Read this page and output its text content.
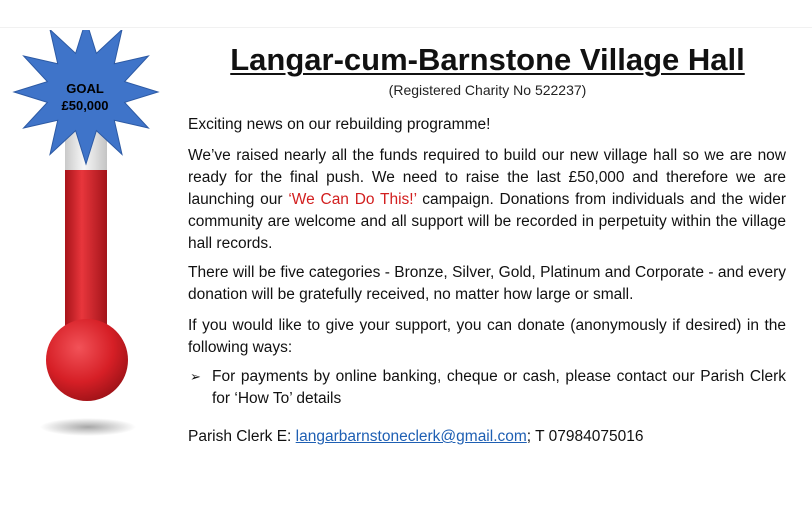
GOAL
£50,000
Langar-cum-Barnstone Village Hall
(Registered Charity No 522237)

Exciting news on our rebuilding programme!

We’ve raised nearly all the funds required to build our new village hall so we are now ready for the final push. We need to raise the last £50,000 and therefore we are launching our ‘We Can Do This!’ campaign. Donations from individuals and the wider community are welcome and all support will be recorded in perpetuity within the village hall records.

There will be five categories - Bronze, Silver, Gold, Platinum and Corporate - and every donation will be gratefully received, no matter how large or small.

If you would like to give your support, you can donate (anonymously if desired) in the following ways:

➢ For payments by online banking, cheque or cash, please contact our Parish Clerk for ‘How To’ details
Parish Clerk E: langarbarnstoneclerk@gmail.com; T 07984075016
